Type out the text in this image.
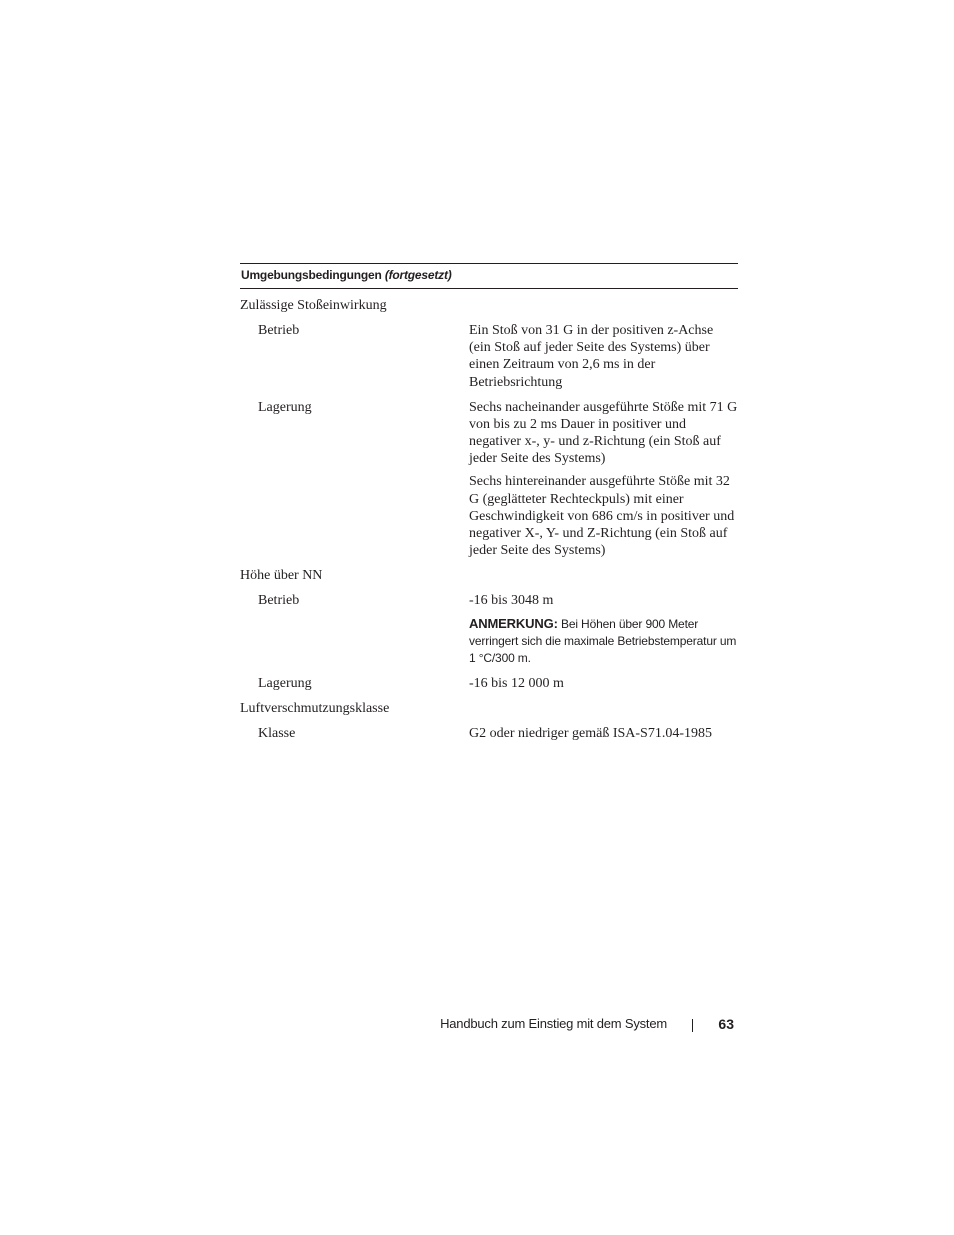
Umgebungsbedingungen (fortgesetzt)
Zulässige Stoßeinwirkung
Betrieb	Ein Stoß von 31 G in der positiven z-Achse (ein Stoß auf jeder Seite des Systems) über einen Zeitraum von 2,6 ms in der Betriebsrichtung

Lagerung	Sechs nacheinander ausgeführte Stöße mit 71 G von bis zu 2 ms Dauer in positiver und negativer x-, y- und z-Richtung (ein Stoß auf jeder Seite des Systems)

Sechs hintereinander ausgeführte Stöße mit 32 G (geglätteter Rechteckpuls) mit einer Geschwindigkeit von 686 cm/s in positiver und negativer X-, Y- und Z-Richtung (ein Stoß auf jeder Seite des Systems)

Höhe über NN
Betrieb	-16 bis 3048 m

ANMERKUNG: Bei Höhen über 900 Meter verringert sich die maximale Betriebstemperatur um 1 °C/300 m.
Lagerung	-16 bis 12 000 m

Luftverschmutzungsklasse
Klasse	G2 oder niedriger gemäß ISA-S71.04-1985

Handbuch zum Einstieg mit dem System	63
